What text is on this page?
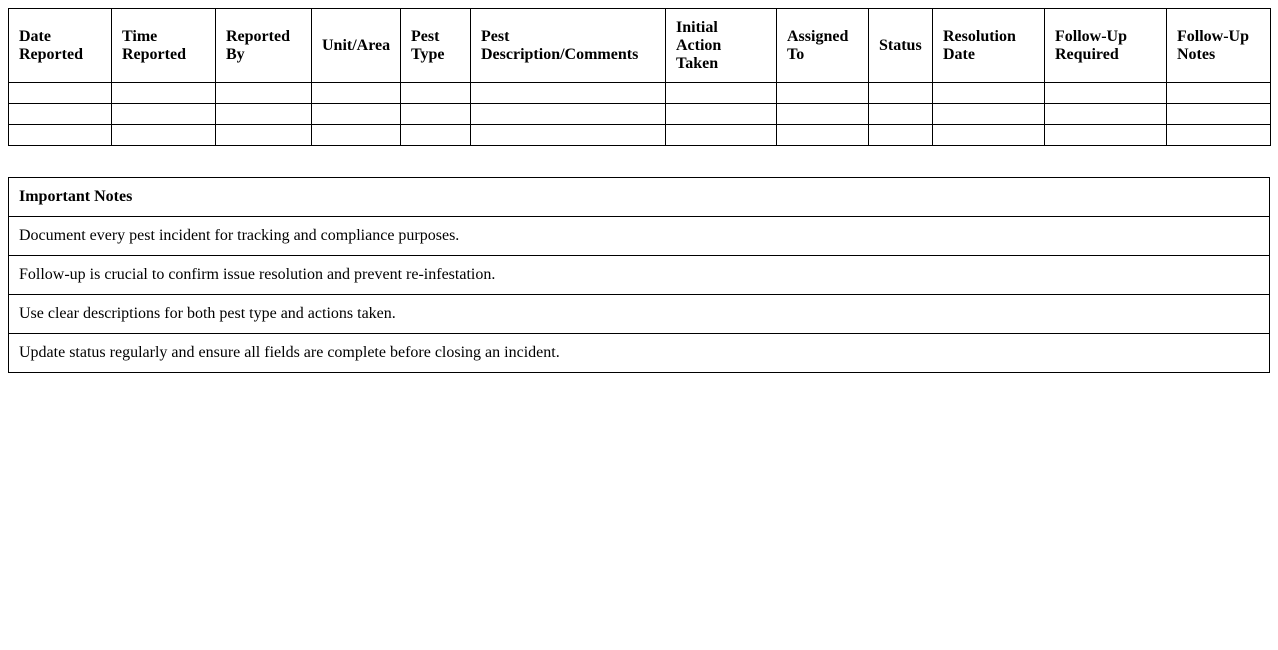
Date Reported	Time Reported	Reported By	Unit/Area	Pest Type	Pest Description/Comments	Initial Action Taken	Assigned To	Status	Resolution Date	Follow-Up Required	Follow-Up Notes

Important Notes
Document every pest incident for tracking and compliance purposes.
Follow-up is crucial to confirm issue resolution and prevent re-infestation.
Use clear descriptions for both pest type and actions taken.
Update status regularly and ensure all fields are complete before closing an incident.
